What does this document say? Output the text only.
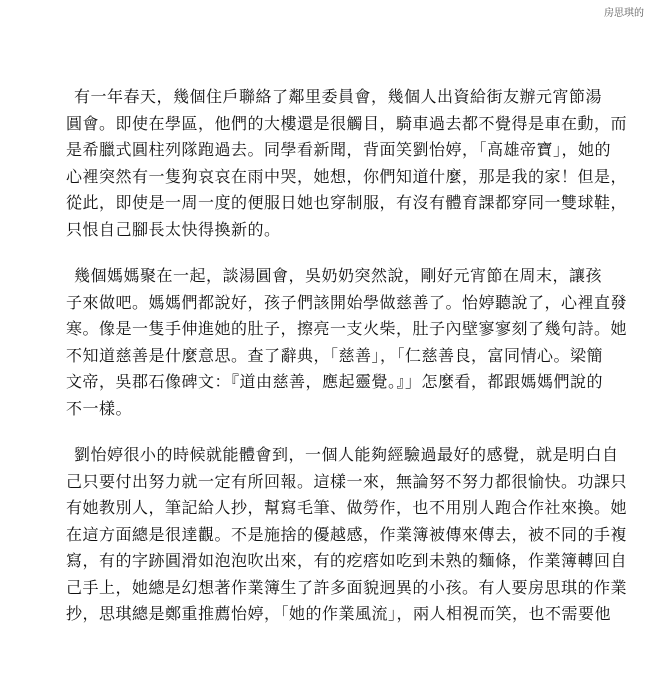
房思琪的
有一年春天，幾個住戶聯絡了鄰里委員會，幾個人出資給街友辦元宵節湯
圓會。即使在學區，他們的大樓還是很觸目，騎車過去都不覺得是車在動，而
是希臘式圓柱列隊跑過去。同學看新聞，背面笑劉怡婷，「高雄帝寶」，她的
心裡突然有一隻狗哀哀在雨中哭，她想，你們知道什麼，那是我的家！但是，
從此，即使是一周一度的便服日她也穿制服，有沒有體育課都穿同一雙球鞋，
只恨自己腳長太快得換新的。
幾個媽媽聚在一起，談湯圓會，吳奶奶突然說，剛好元宵節在周末，讓孩
子來做吧。媽媽們都說好，孩子們該開始學做慈善了。怡婷聽說了，心裡直發
寒。像是一隻手伸進她的肚子，擦亮一支火柴，肚子內壁寥寥刻了幾句詩。她
不知道慈善是什麼意思。查了辭典，「慈善」，「仁慈善良，富同情心。梁簡
文帝，吳郡石像碑文：『道由慈善，應起靈覺。』」怎麼看，都跟媽媽們說的
不一樣。
劉怡婷很小的時候就能體會到，一個人能夠經驗過最好的感覺，就是明白自
己只要付出努力就一定有所回報。這樣一來，無論努不努力都很愉快。功課只
有她教別人，筆記給人抄，幫寫毛筆、做勞作，也不用別人跑合作社來換。她
在這方面總是很達觀。不是施捨的優越感，作業簿被傳來傳去，被不同的手複
寫，有的字跡圓滑如泡泡吹出來，有的疙瘩如吃到未熟的麵條，作業簿轉回自
己手上，她總是幻想著作業簿生了許多面貌迥異的小孩。有人要房思琪的作業
抄，思琪總是鄭重推薦怡婷，「她的作業風流」，兩人相視而笑，也不需要他
